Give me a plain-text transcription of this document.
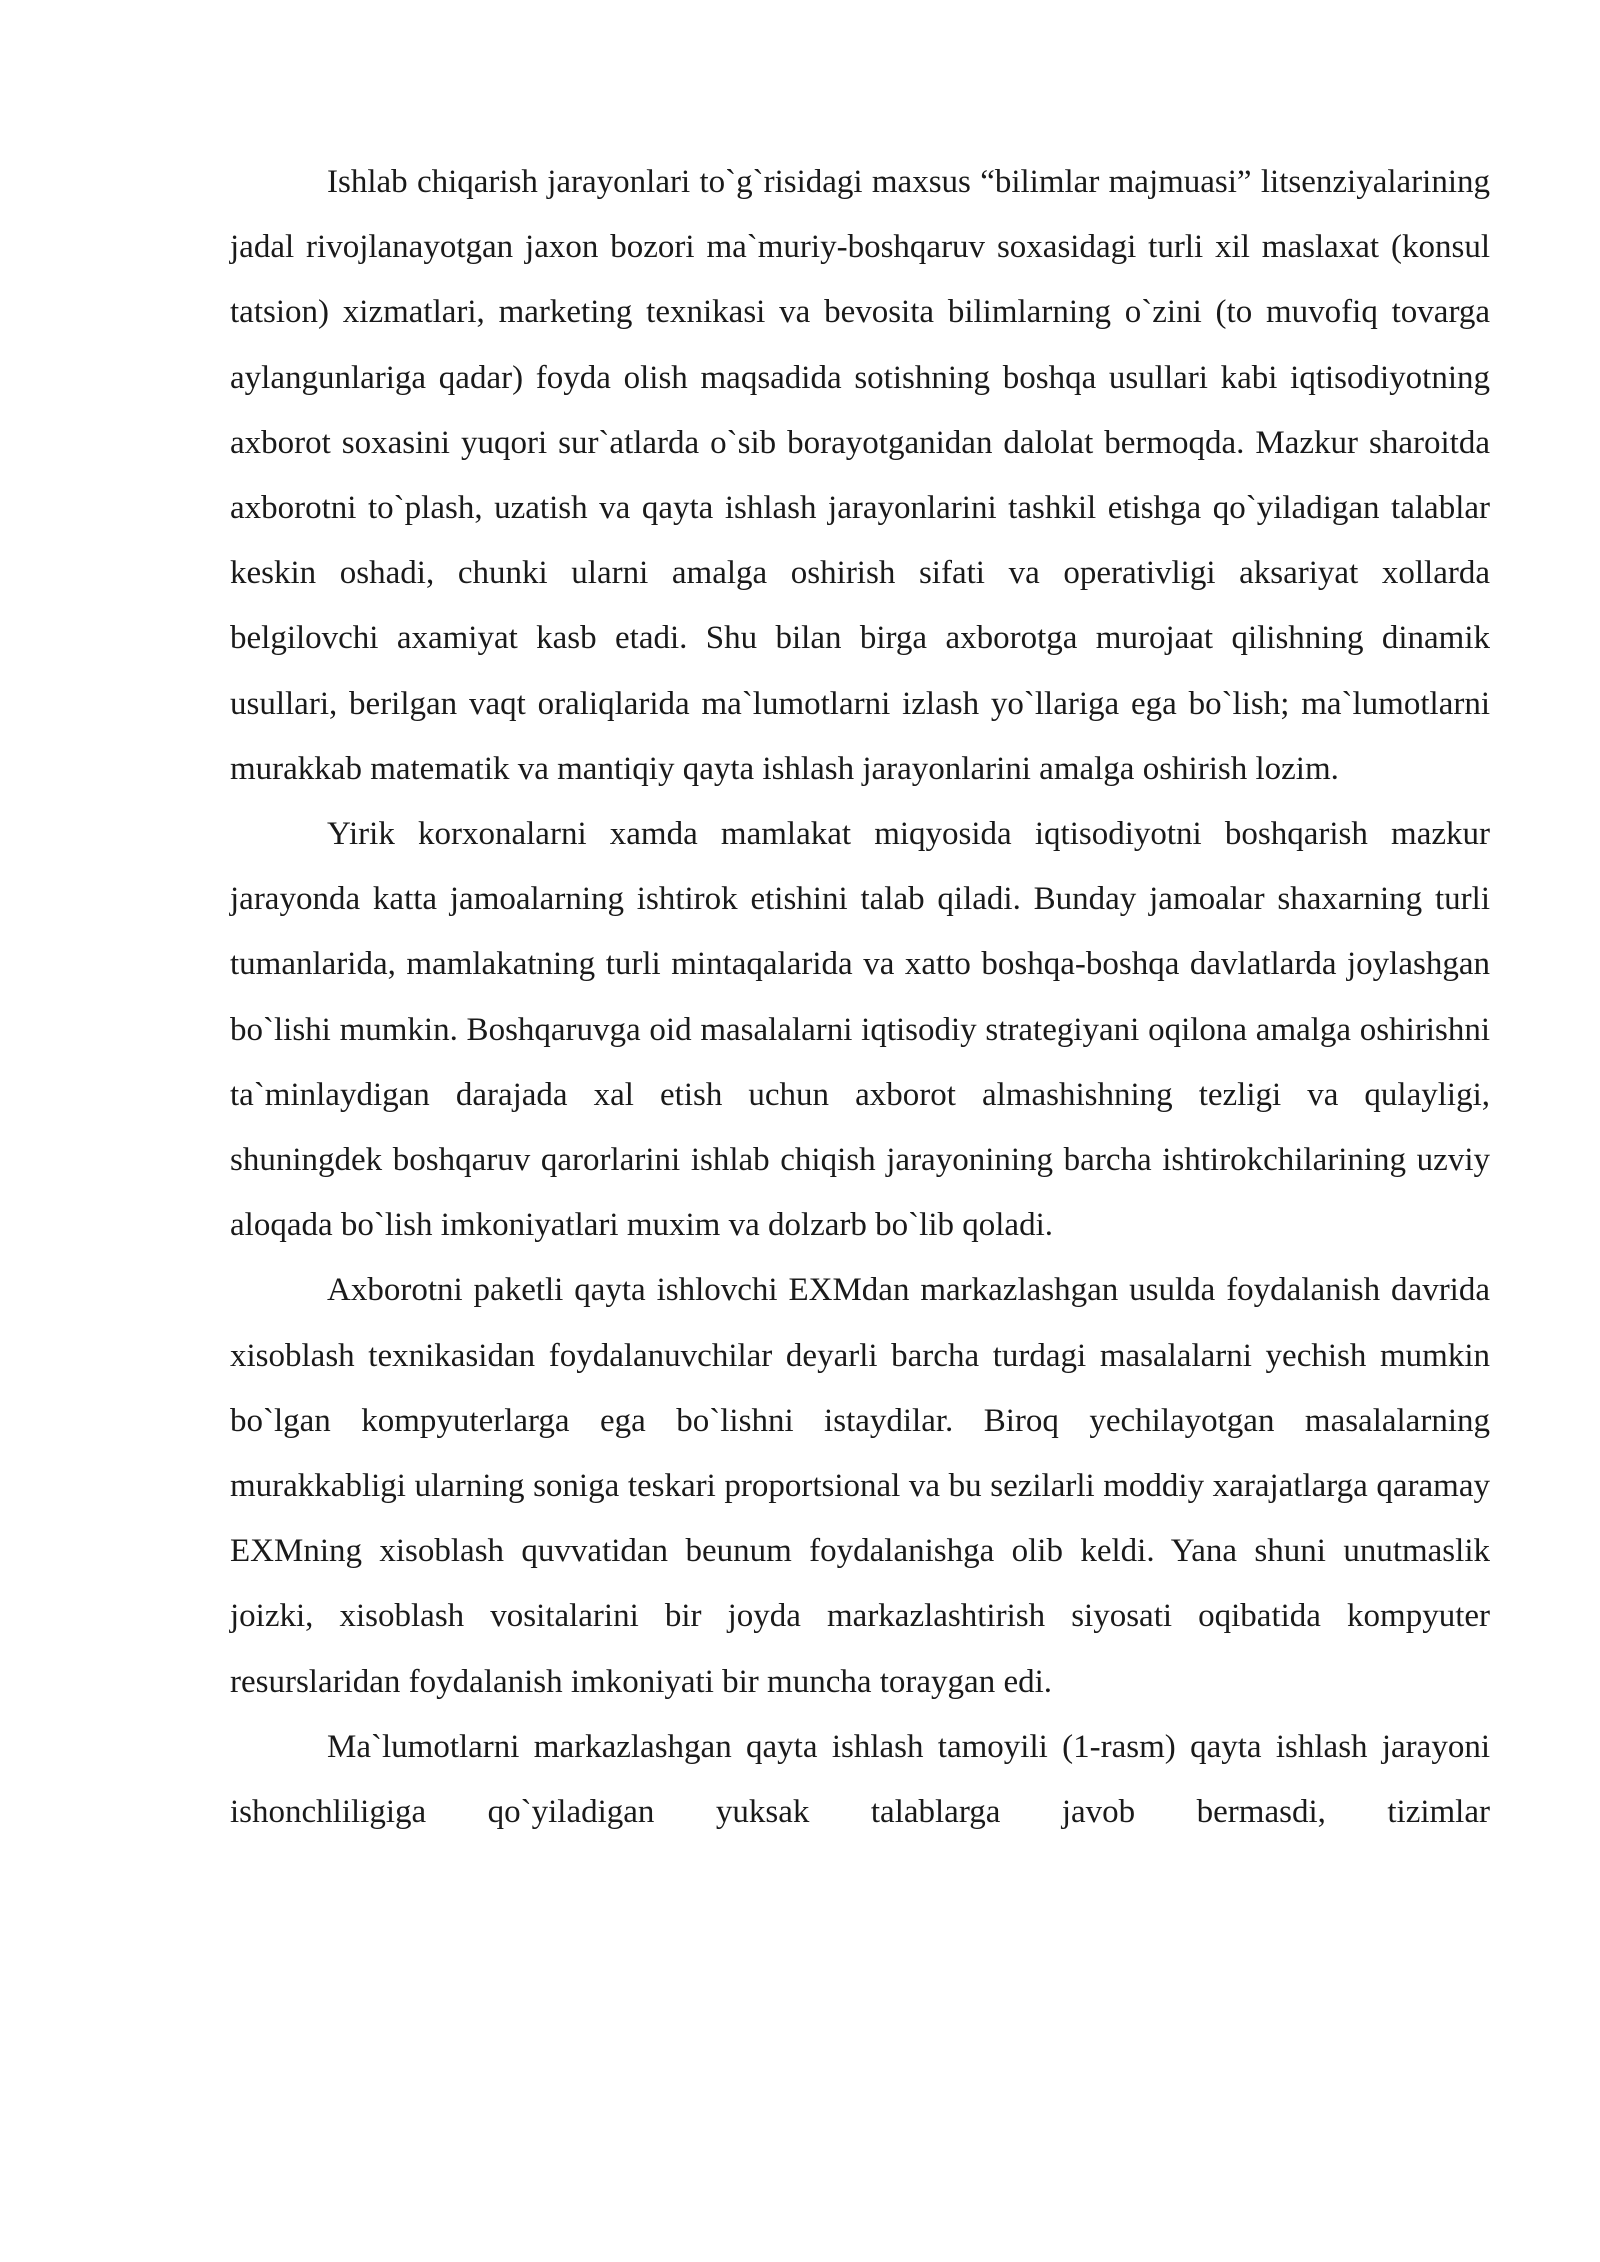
Ishlab chiqarish jarayonlari to`g`risidagi maxsus “bilimlar majmuasi” litsenziyalarining jadal rivojlanayotgan jaxon bozori ma`muriy-boshqaruv soxasidagi turli xil maslaxat (konsul tatsion) xizmatlari, marketing texnikasi va bevosita bilimlarning o`zini (to muvofiq tovarga aylangunlariga qadar) foyda olish maqsadida sotishning boshqa usullari kabi iqtisodiyotning axborot soxasini yuqori sur`atlarda o`sib borayotganidan dalolat bermoqda. Mazkur sharoitda axborotni to`plash, uzatish va qayta ishlash jarayonlarini tashkil etishga qo`yiladigan talablar keskin oshadi, chunki ularni amalga oshirish sifati va operativligi aksariyat xollarda belgilovchi axamiyat kasb etadi. Shu bilan birga axborotga murojaat qilishning dinamik usullari, berilgan vaqt oraliqlarida ma`lumotlarni izlash yo`llariga ega bo`lish; ma`lumotlarni murakkab matematik va mantiqiy qayta ishlash jarayonlarini amalga oshirish lozim.

Yirik korxonalarni xamda mamlakat miqyosida iqtisodiyotni boshqarish mazkur jarayonda katta jamoalarning ishtirok etishini talab qiladi. Bunday jamoalar shaxarning turli tumanlarida, mamlakatning turli mintaqalarida va xatto boshqa-boshqa davlatlarda joylashgan bo`lishi mumkin. Boshqaruvga oid masalalarni iqtisodiy strategiyani oqilona amalga oshirishni ta`minlaydigan darajada xal etish uchun axborot almashishning tezligi va qulayligi, shuningdek boshqaruv qarorlarini ishlab chiqish jarayonining barcha ishtirokchilarining uzviy aloqada bo`lish imkoniyatlari muxim va dolzarb bo`lib qoladi.

Axborotni paketli qayta ishlovchi EXMdan markazlashgan usulda foydalanish davrida xisoblash texnikasidan foydalanuvchilar deyarli barcha turdagi masalalarni yechish mumkin bo`lgan kompyuterlarga ega bo`lishni istaydilar. Biroq yechilayotgan masalalarning murakkabligi ularning soniga teskari proportsional va bu sezilarli moddiy xarajatlarga qaramay EXMning xisoblash quvvatidan beunum foydalanishga olib keldi. Yana shuni unutmaslik joizki, xisoblash vositalarini bir joyda markazlashtirish siyosati oqibatida kompyuter resurslaridan foydalanish imkoniyati bir muncha toraygan edi.

Ma`lumotlarni markazlashgan qayta ishlash tamoyili (1-rasm) qayta ishlash jarayoni ishonchliligiga qo`yiladigan yuksak talablarga javob bermasdi, tizimlar
